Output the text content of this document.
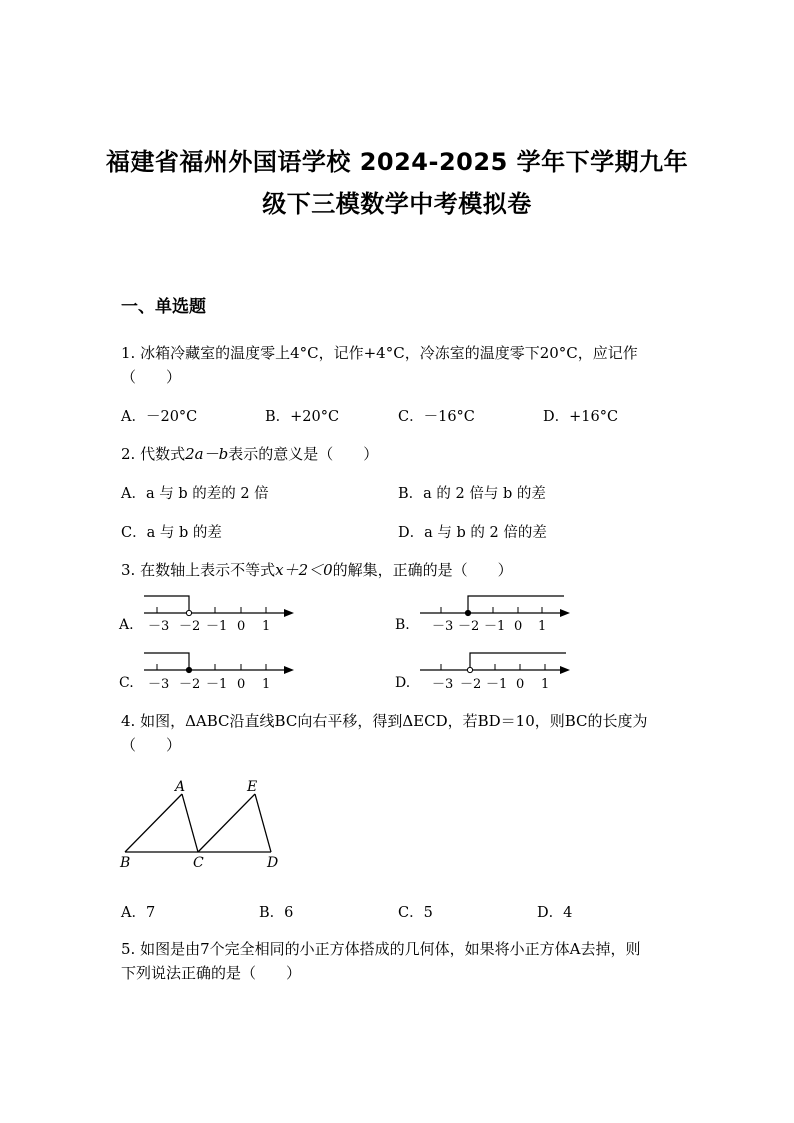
福建省福州外国语学校 2024-2025 学年下学期九年
级下三模数学中考模拟卷
一、单选题
1. 冰箱冷藏室的温度零上4°C，记作+4°C，冷冻室的温度零下20°C，应记作
（　　）
A．－20°C	B．+20°C	C．－16°C	D．+16°C
2. 代数式2a－b表示的意义是（　　）
A．a 与 b 的差的 2 倍	B．a 的 2 倍与 b 的差
C．a 与 b 的差	D．a 与 b 的 2 倍的差
3. 在数轴上表示不等式x＋2＜0的解集，正确的是（　　）
A. －3 －2 －1 0 1	B. －3 －2 －1 0 1
C. －3 －2 －1 0 1	D. －3 －2 －1 0 1
4. 如图，ΔABC沿直线BC向右平移，得到ΔECD，若BD＝10，则BC的长度为
（　　）
A	E
B	C	D
A．7	B．6	C．5	D．4
5. 如图是由7个完全相同的小正方体搭成的几何体，如果将小正方体A去掉，则
下列说法正确的是（　　）
